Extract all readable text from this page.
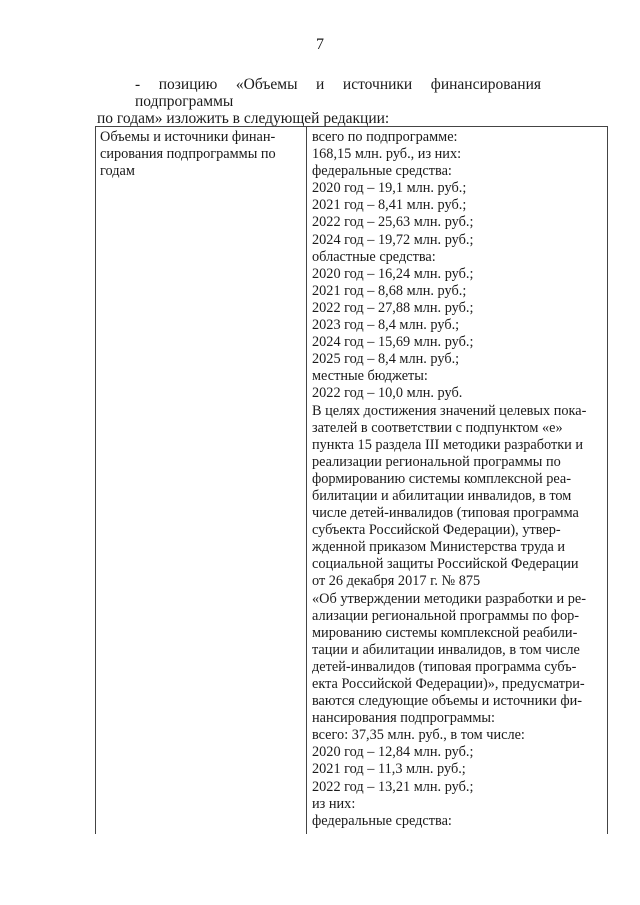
7
- позицию «Объемы и источники финансирования подпрограммы
по годам» изложить в следующей редакции:
Объемы и источники финан-
сирования подпрограммы по
годам
всего по подпрограмме:
168,15 млн. руб., из них:
федеральные средства:
2020 год – 19,1 млн. руб.;
2021 год – 8,41 млн. руб.;
2022 год – 25,63 млн. руб.;
2024 год – 19,72 млн. руб.;
областные средства:
2020 год – 16,24 млн. руб.;
2021 год – 8,68 млн. руб.;
2022 год – 27,88 млн. руб.;
2023 год – 8,4 млн. руб.;
2024 год – 15,69 млн. руб.;
2025 год – 8,4 млн. руб.;
местные бюджеты:
2022 год – 10,0 млн. руб.
В целях достижения значений целевых пока-
зателей в соответствии с подпунктом «е»
пункта 15 раздела III методики разработки и
реализации региональной программы по
формированию системы комплексной реа-
билитации и абилитации инвалидов, в том
числе детей-инвалидов (типовая программа
субъекта Российской Федерации), утвер-
жденной приказом Министерства труда и
социальной защиты Российской Федерации
от 26 декабря 2017 г. № 875
«Об утверждении методики разработки и ре-
ализации региональной программы по фор-
мированию системы комплексной реабили-
тации и абилитации инвалидов, в том числе
детей-инвалидов (типовая программа субъ-
екта Российской Федерации)», предусматри-
ваются следующие объемы и источники фи-
нансирования подпрограммы:
всего: 37,35 млн. руб., в том числе:
2020 год – 12,84 млн. руб.;
2021 год – 11,3 млн. руб.;
2022 год – 13,21 млн. руб.;
из них:
федеральные средства:
